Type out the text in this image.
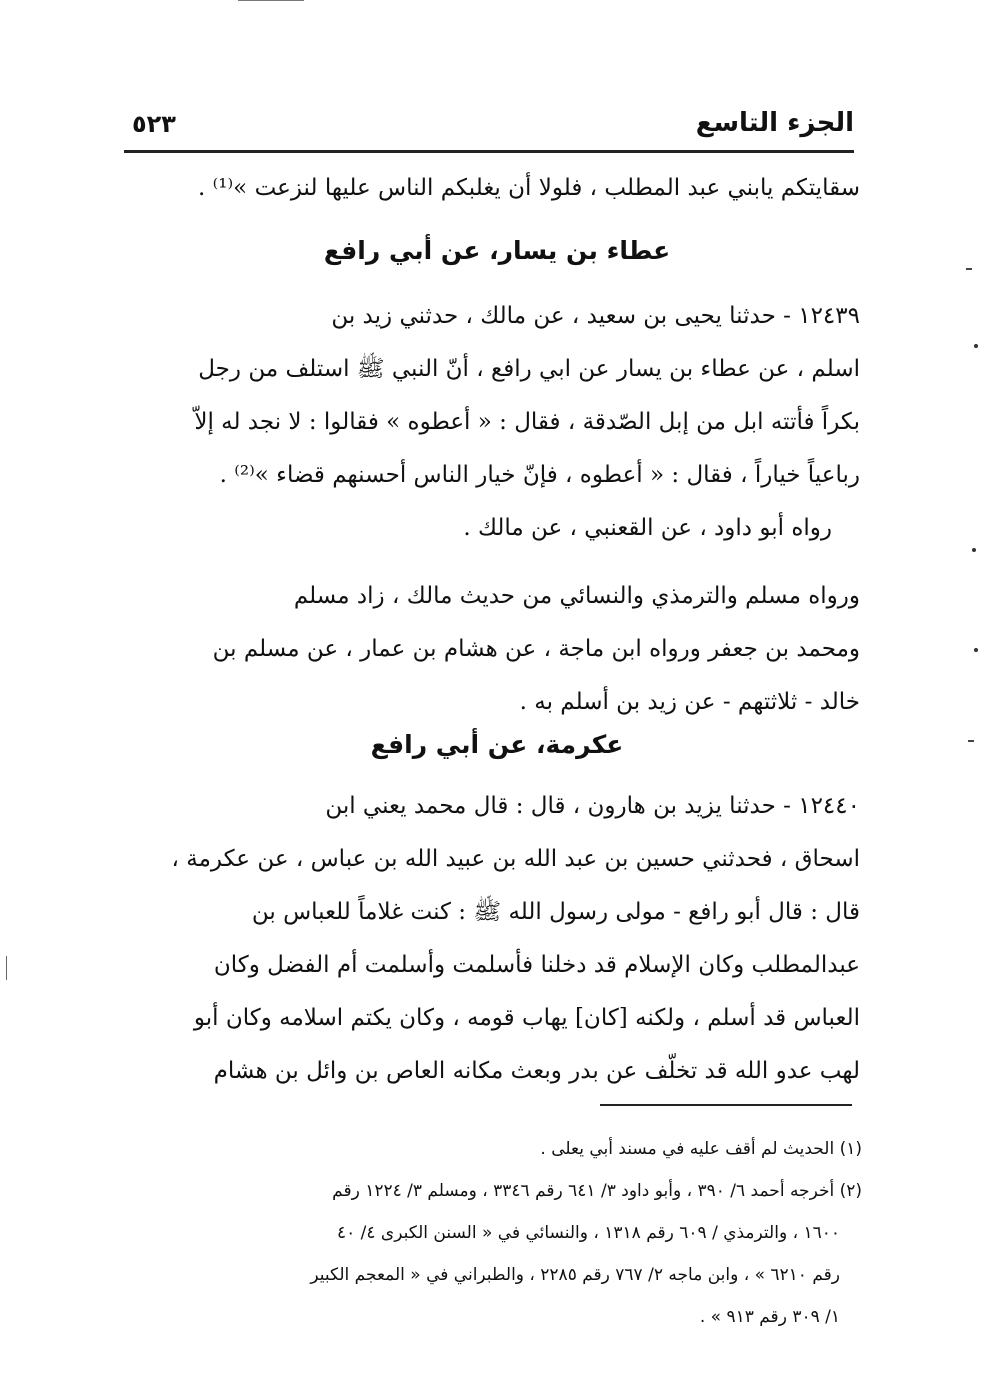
الجزء التاسع
٥٢٣
سقايتكم يابني عبد المطلب ، فلولا أن يغلبكم الناس عليها لنزعت »⁽¹⁾ .
عطاء بن يسار، عن أبي رافع
١٢٤٣٩ - حدثنا يحيى بن سعيد ، عن مالك ، حدثني زيد بن
اسلم ، عن عطاء بن يسار عن ابي رافع ، أنّ النبي ﷺ استلف من رجل
بكراً فأتته ابل من إبل الصّدقة ، فقال : « أعطوه » فقالوا : لا نجد له إلاّ
رباعياً خياراً ، فقال : « أعطوه ، فإنّ خيار الناس أحسنهم قضاء »⁽²⁾ .
رواه أبو داود ، عن القعنبي ، عن مالك .
ورواه مسلم والترمذي والنسائي من حديث مالك ، زاد مسلم
ومحمد بن جعفر ورواه ابن ماجة ، عن هشام بن عمار ، عن مسلم بن
خالد - ثلاثتهم - عن زيد بن أسلم به .
عكرمة، عن أبي رافع
١٢٤٤٠ - حدثنا يزيد بن هارون ، قال : قال محمد يعني ابن
اسحاق ، فحدثني حسين بن عبد الله بن عبيد الله بن عباس ، عن عكرمة ،
قال : قال أبو رافع - مولى رسول الله ﷺ : كنت غلاماً للعباس بن
عبدالمطلب وكان الإسلام قد دخلنا فأسلمت وأسلمت أم الفضل وكان
العباس قد أسلم ، ولكنه [كان] يهاب قومه ، وكان يكتم اسلامه وكان أبو
لهب عدو الله قد تخلّف عن بدر وبعث مكانه العاص بن وائل بن هشام
(١) الحديث لم أقف عليه في مسند أبي يعلى .
(٢) أخرجه أحمد ٦/ ٣٩٠ ، وأبو داود ٣/ ٦٤١ رقم ٣٣٤٦ ، ومسلم ٣/ ١٢٢٤ رقم
١٦٠٠ ، والترمذي / ٦٠٩ رقم ١٣١٨ ، والنسائي في « السنن الكبرى ٤/ ٤٠
رقم ٦٢١٠ » ، وابن ماجه ٢/ ٧٦٧ رقم ٢٢٨٥ ، والطبراني في « المعجم الكبير
١/ ٣٠٩ رقم ٩١٣ » .
